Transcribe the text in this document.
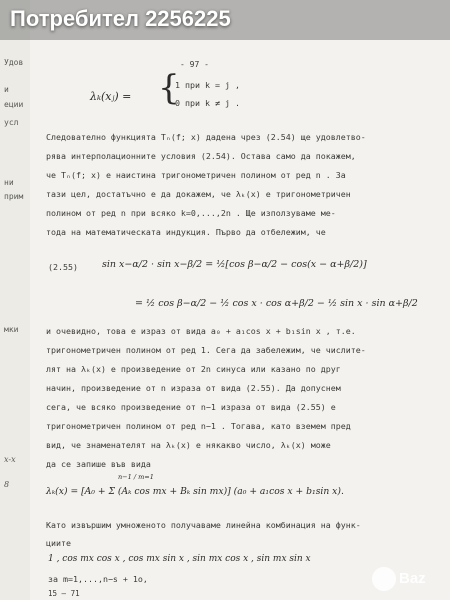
Удов
и
еции
усл
ни
прим
мки
x-x
8
- 97 -
λₖ(xⱼ) = {
1 при k = j ,
0 при k ≠ j .
Следователно функцията Tₙ(f; x) дадена чрез (2.54) ще удовлетво-
рява интерполационните условия (2.54). Остава само да покажем,
че Tₙ(f; x) е наистина тригонометричен полином от ред n . За
тази цел, достатъчно е да докажем, че λₖ(x) е тригонометричен
полином от ред n при всяко k=0,...,2n . Ще използуваме ме-
тода на математическата индукция. Първо да отбележим, че
(2.55)	sin x−α/2 · sin x−β/2 = ½[cos β−α/2 − cos(x − α+β/2)]
= ½ cos β−α/2 − ½ cos x · cos α+β/2 − ½ sin x · sin α+β/2
и очевидно, това е израз от вида a₀ + a₁cos x + b₁sin x , т.е.
тригонометричен полином от ред 1. Сега да забележим, че числите-
лят на λₖ(x) е произведение от 2n синуса или казано по друг
начин, произведение от n израза от вида (2.55). Да допуснем
сега, че всяко произведение от n−1 израза от вида (2.55) е
тригонометричен полином от ред n−1 . Тогава, като вземем пред
вид, че знаменателят на λₖ(x) е някакво число, λₖ(x) може
да се запише във вида
n−1 / m=1
λₖ(x) = [A₀ + Σ (Aₖ cos mx + Bₖ sin mx)] (a₀ + a₁cos x + b₁sin x).
Като извършим умноженото получаваме линейна комбинация на функ-
циите
1 , cos mx cos x , cos mx sin x , sin mx cos x , sin mx sin x
за m=1,...,n−s + 1o,
15 – 71
Потребител 2256225
Baz
